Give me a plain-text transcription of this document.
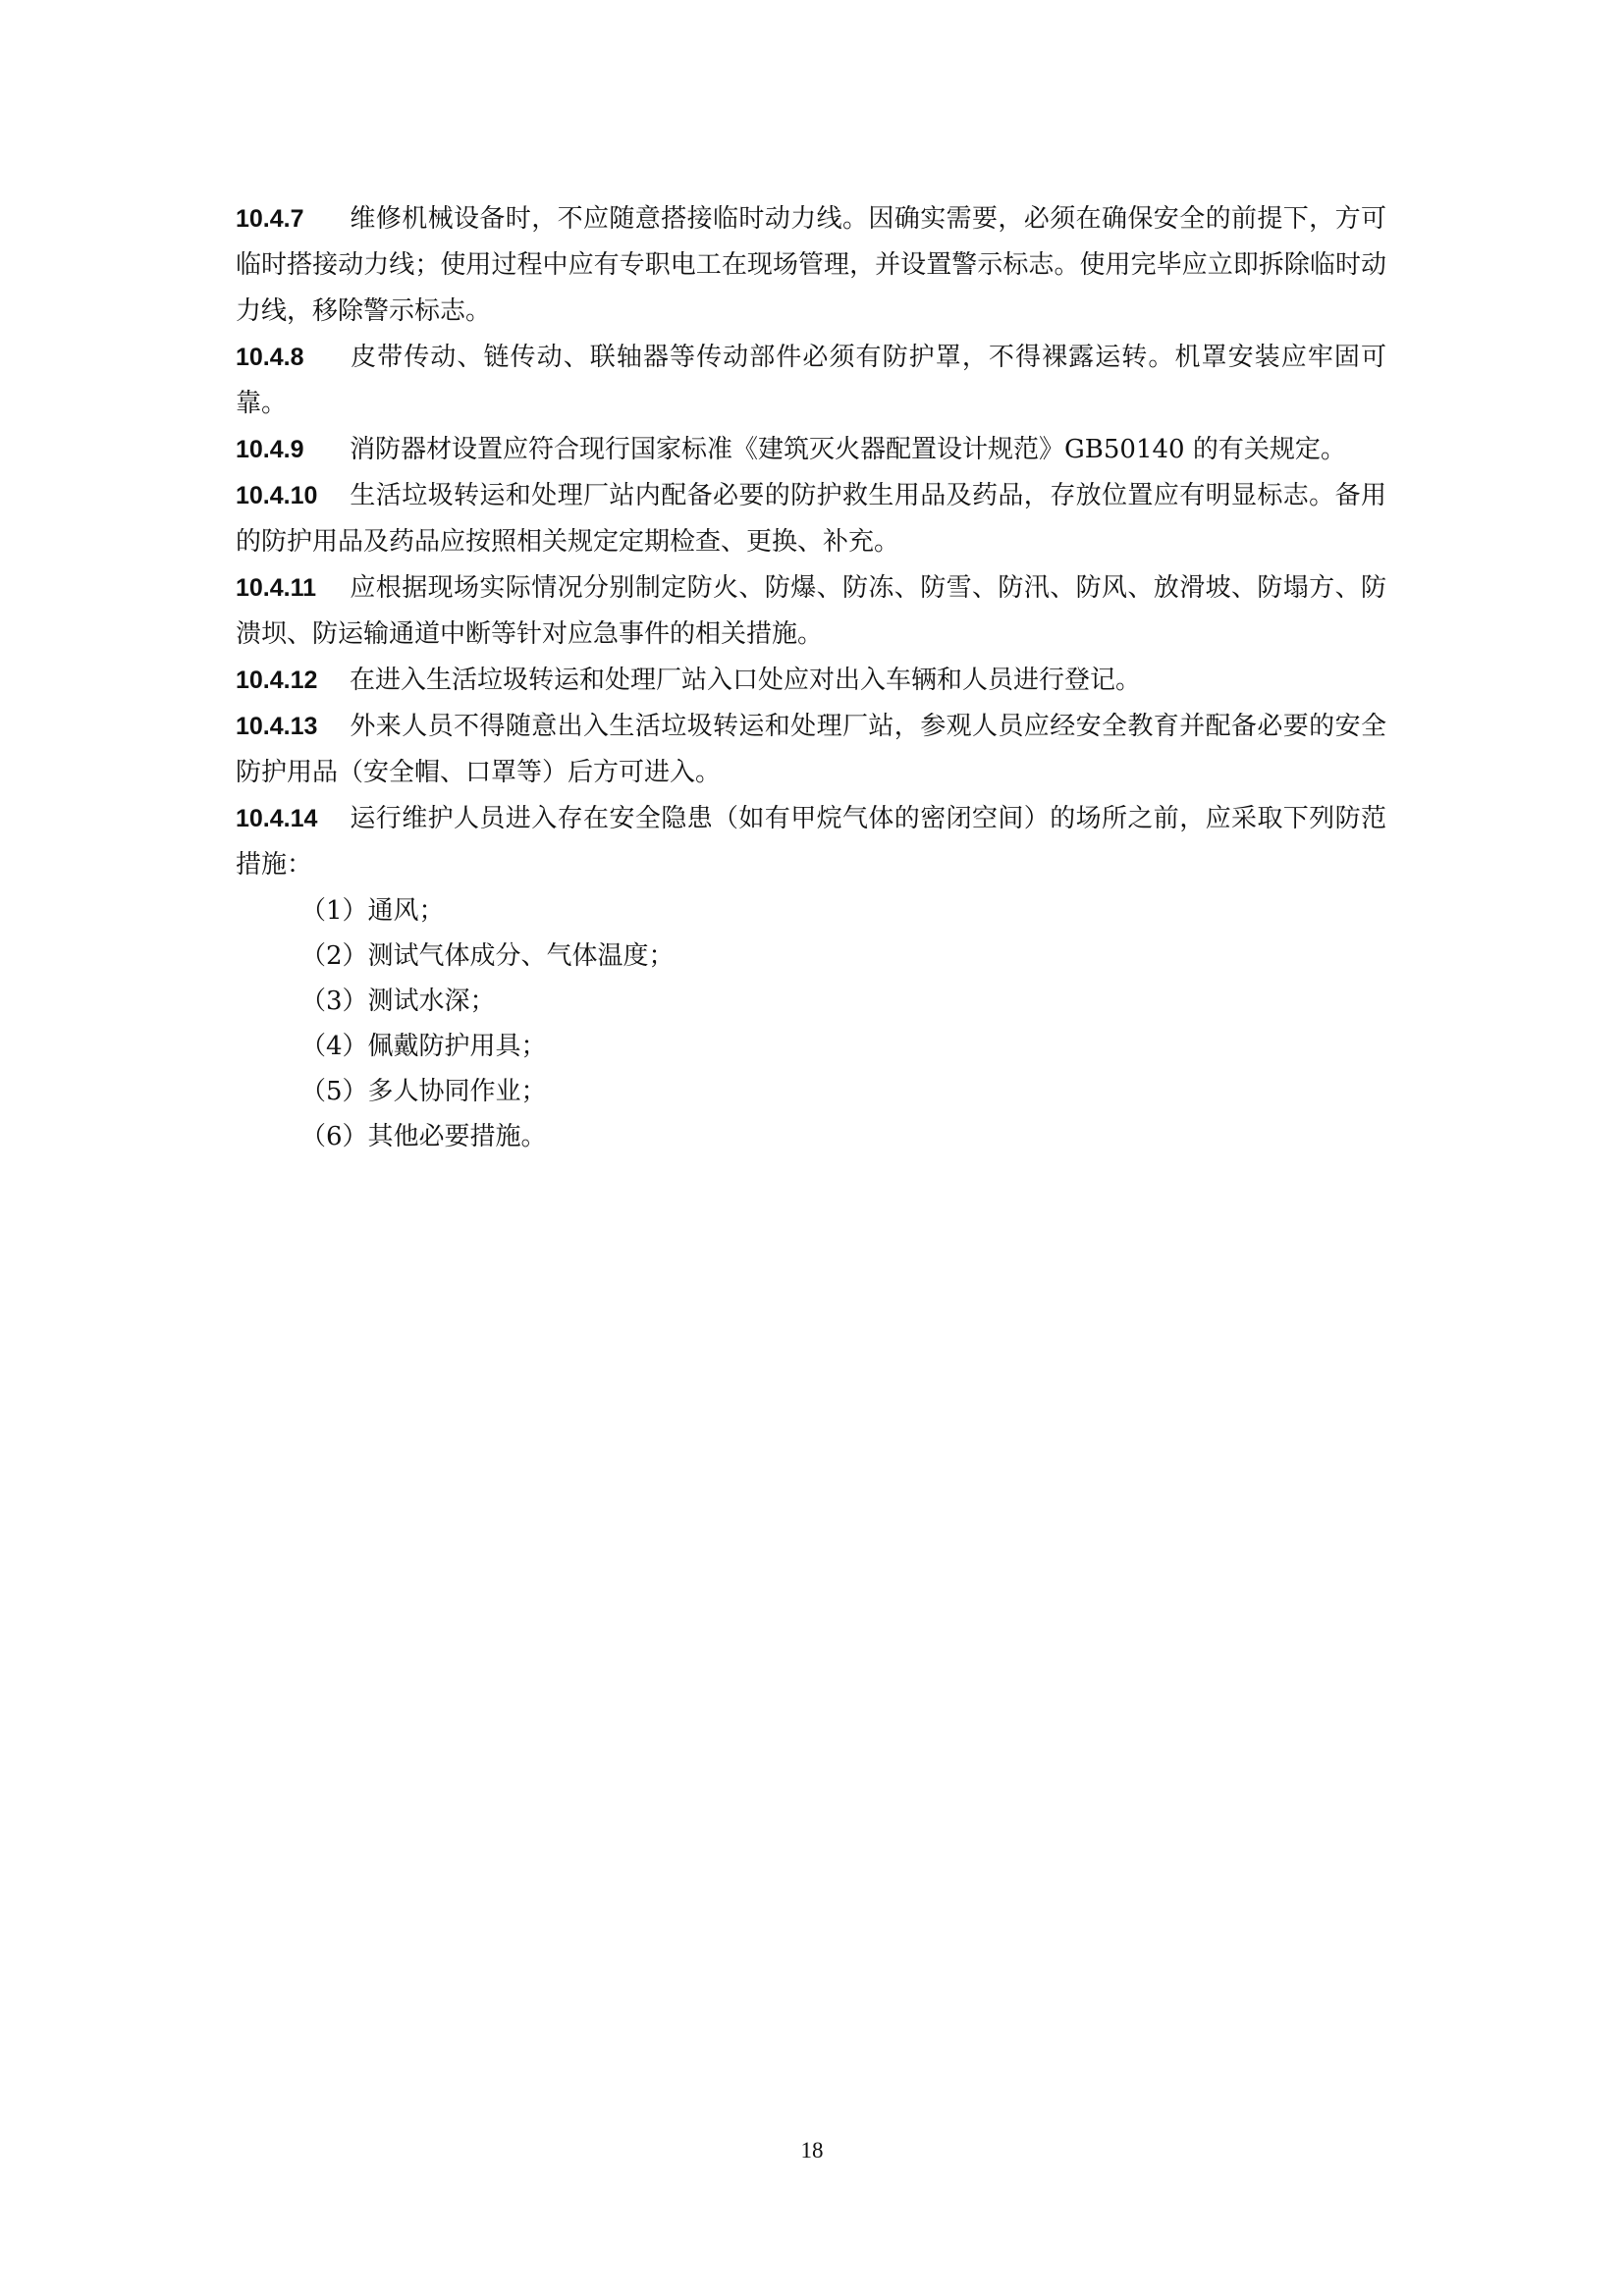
10.4.7 维修机械设备时，不应随意搭接临时动力线。因确实需要，必须在确保安全的前提下，方可临时搭接动力线；使用过程中应有专职电工在现场管理，并设置警示标志。使用完毕应立即拆除临时动力线，移除警示标志。

10.4.8 皮带传动、链传动、联轴器等传动部件必须有防护罩，不得裸露运转。机罩安装应牢固可靠。

10.4.9 消防器材设置应符合现行国家标准《建筑灭火器配置设计规范》GB50140 的有关规定。

10.4.10 生活垃圾转运和处理厂站内配备必要的防护救生用品及药品，存放位置应有明显标志。备用的防护用品及药品应按照相关规定定期检查、更换、补充。

10.4.11 应根据现场实际情况分别制定防火、防爆、防冻、防雪、防汛、防风、放滑坡、防塌方、防溃坝、防运输通道中断等针对应急事件的相关措施。

10.4.12 在进入生活垃圾转运和处理厂站入口处应对出入车辆和人员进行登记。

10.4.13 外来人员不得随意出入生活垃圾转运和处理厂站，参观人员应经安全教育并配备必要的安全防护用品（安全帽、口罩等）后方可进入。

10.4.14 运行维护人员进入存在安全隐患（如有甲烷气体的密闭空间）的场所之前，应采取下列防范措施：

（1）通风；

（2）测试气体成分、气体温度；

（3）测试水深；

（4）佩戴防护用具；

（5）多人协同作业；

（6）其他必要措施。

18
